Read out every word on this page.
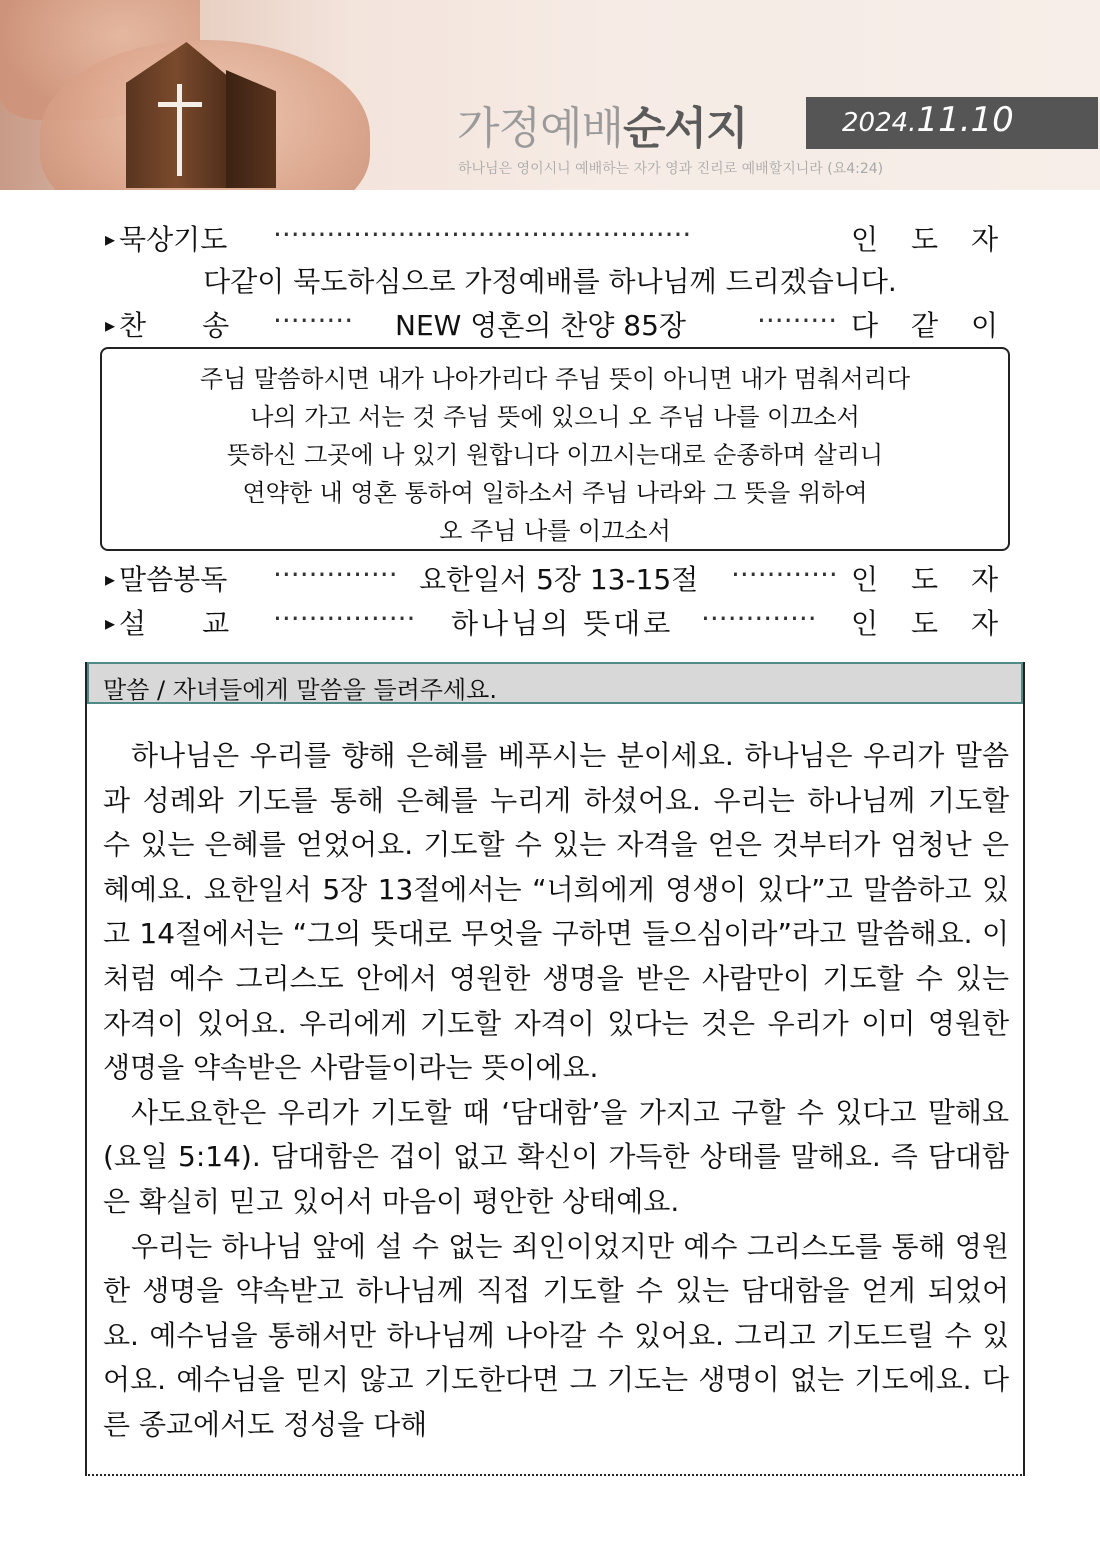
가정예배순서지	2024.11.10
하나님은 영이시니 예배하는 자가 영과 진리로 예배할지니라 (요4:24)
▸ 묵상기도 ···············································	인 도 자
다같이 묵도하심으로 가정예배를 하나님께 드리겠습니다.
▸ 찬　　송 ········· NEW 영혼의 찬양 85장	········· 다 같 이
주님 말씀하시면 내가 나아가리다 주님 뜻이 아니면 내가 멈춰서리다
나의 가고 서는 것 주님 뜻에 있으니 오 주님 나를 이끄소서
뜻하신 그곳에 나 있기 원합니다 이끄시는대로 순종하며 살리니
연약한 내 영혼 통하여 일하소서 주님 나라와 그 뜻을 위하여
오 주님 나를 이끄소서
▸ 말씀봉독 ·············· 요한일서 5장 13-15절 ············ 인 도 자
▸ 설　　교 ················ 하나님의 뜻대로 ············· 인 도 자
말씀 / 자녀들에게 말씀을 들려주세요.

하나님은 우리를 향해 은혜를 베푸시는 분이세요. 하나님은 우리가 말씀과 성례와 기도를 통해 은혜를 누리게 하셨어요. 우리는 하나님께 기도할 수 있는 은혜를 얻었어요. 기도할 수 있는 자격을 얻은 것부터가 엄청난 은혜예요. 요한일서 5장 13절에서는 “너희에게 영생이 있다”고 말씀하고 있고 14절에서는 “그의 뜻대로 무엇을 구하면 들으심이라”라고 말씀해요. 이처럼 예수 그리스도 안에서 영원한 생명을 받은 사람만이 기도할 수 있는 자격이 있어요. 우리에게 기도할 자격이 있다는 것은 우리가 이미 영원한 생명을 약속받은 사람들이라는 뜻이에요.

사도요한은 우리가 기도할 때 ‘담대함’을 가지고 구할 수 있다고 말해요(요일 5:14). 담대함은 겁이 없고 확신이 가득한 상태를 말해요. 즉 담대함은 확실히 믿고 있어서 마음이 평안한 상태예요.

우리는 하나님 앞에 설 수 없는 죄인이었지만 예수 그리스도를 통해 영원한 생명을 약속받고 하나님께 직접 기도할 수 있는 담대함을 얻게 되었어요. 예수님을 통해서만 하나님께 나아갈 수 있어요. 그리고 기도드릴 수 있어요. 예수님을 믿지 않고 기도한다면 그 기도는 생명이 없는 기도에요. 다른 종교에서도 정성을 다해
